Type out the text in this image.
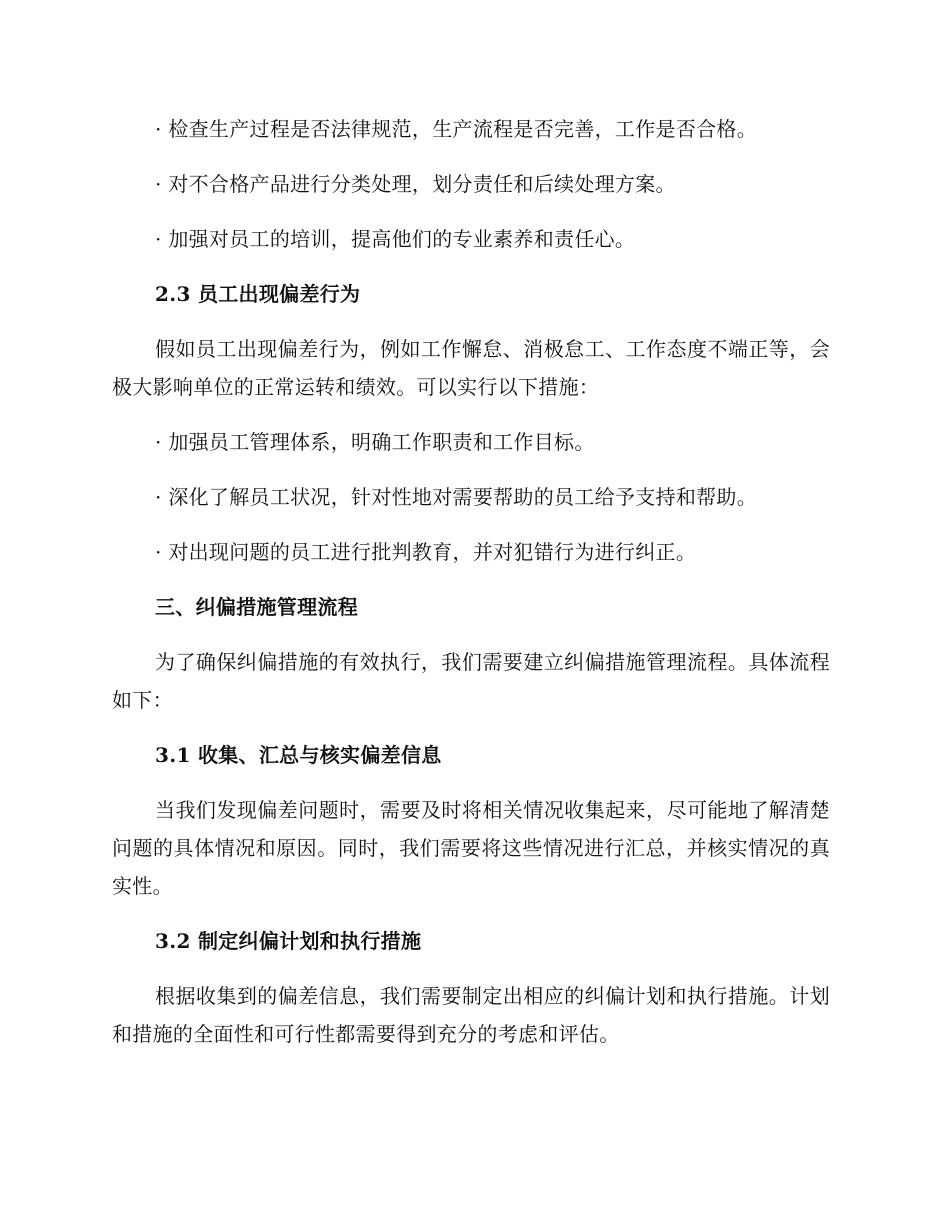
· 检查生产过程是否法律规范，生产流程是否完善，工作是否合格。

· 对不合格产品进行分类处理，划分责任和后续处理方案。

· 加强对员工的培训，提高他们的专业素养和责任心。

2.3 员工出现偏差行为

假如员工出现偏差行为，例如工作懈怠、消极怠工、工作态度不端正等，会极大影响单位的正常运转和绩效。可以实行以下措施：

· 加强员工管理体系，明确工作职责和工作目标。

· 深化了解员工状况，针对性地对需要帮助的员工给予支持和帮助。

· 对出现问题的员工进行批判教育，并对犯错行为进行纠正。

三、纠偏措施管理流程

为了确保纠偏措施的有效执行，我们需要建立纠偏措施管理流程。具体流程如下：

3.1 收集、汇总与核实偏差信息

当我们发现偏差问题时，需要及时将相关情况收集起来，尽可能地了解清楚问题的具体情况和原因。同时，我们需要将这些情况进行汇总，并核实情况的真实性。

3.2 制定纠偏计划和执行措施

根据收集到的偏差信息，我们需要制定出相应的纠偏计划和执行措施。计划和措施的全面性和可行性都需要得到充分的考虑和评估。
